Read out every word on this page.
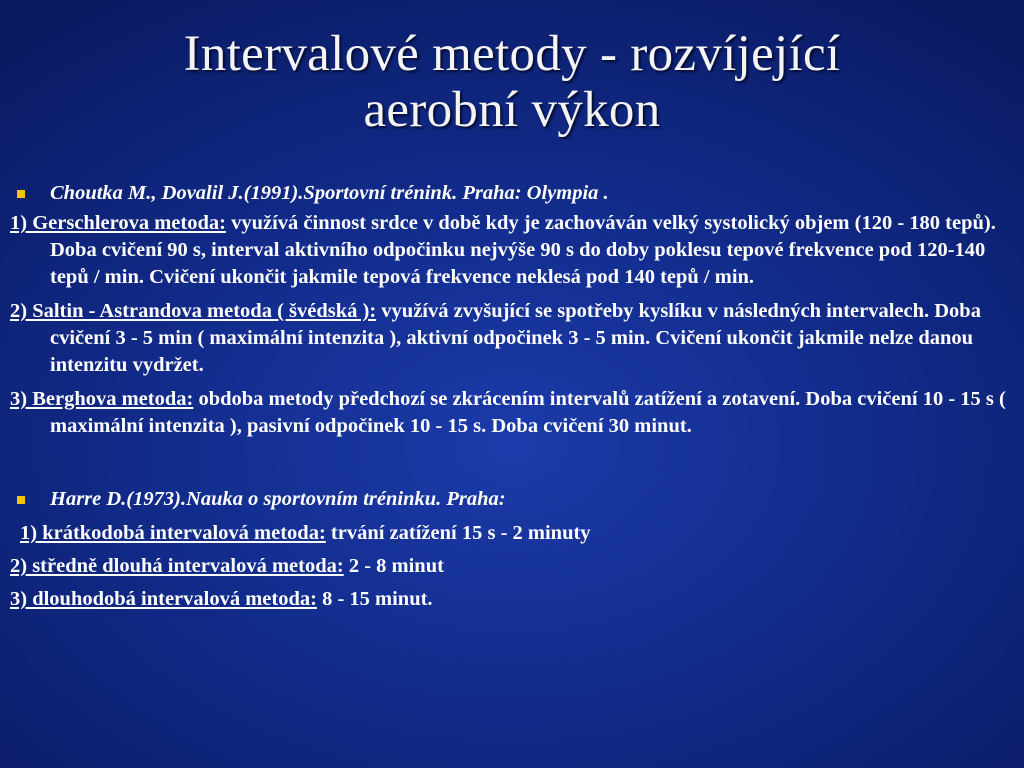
Intervalové metody - rozvíjející
aerobní výkon
Choutka M., Dovalil J.(1991).Sportovní trénink. Praha: Olympia .
1) Gerschlerova metoda: využívá činnost srdce v době kdy je zachováván velký systolický objem (120 - 180 tepů). Doba cvičení 90 s, interval aktivního odpočinku nejvýše 90 s do doby poklesu tepové frekvence pod 120-140 tepů / min. Cvičení ukončit jakmile tepová frekvence neklesá pod 140 tepů / min.
2) Saltin - Astrandova metoda ( švédská ): využívá zvyšující se spotřeby kyslíku v následných intervalech. Doba cvičení 3 - 5 min ( maximální intenzita ), aktivní odpočinek 3 - 5 min. Cvičení ukončit jakmile nelze danou intenzitu vydržet.
3) Berghova metoda: obdoba metody předchozí se zkrácením intervalů zatížení a zotavení. Doba cvičení 10 - 15 s ( maximální intenzita ), pasivní odpočinek 10 - 15 s. Doba cvičení 30 minut.
Harre D.(1973).Nauka o sportovním tréninku. Praha:
1) krátkodobá intervalová metoda: trvání zatížení 15 s - 2 minuty
2) středně dlouhá intervalová metoda: 2 - 8 minut
3) dlouhodobá intervalová metoda: 8 - 15 minut.
